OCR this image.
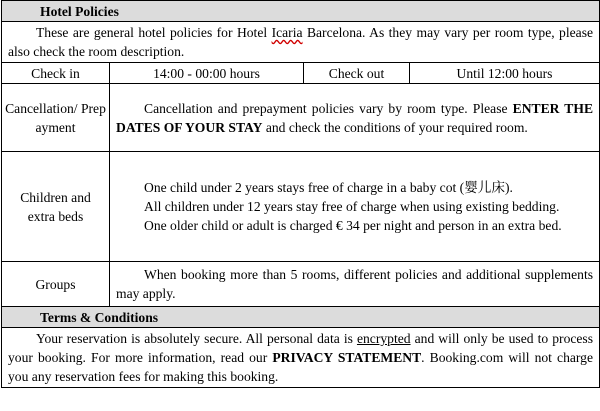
Hotel Policies			
These are general hotel policies for Hotel Icaria Barcelona. As they may vary per room type, please also check the room description.			
Check in	14:00 - 00:00 hours	Check out	Until 12:00 hours
Cancellation/ Prepayment	Cancellation and prepayment policies vary by room type. Please ENTER THE DATES OF YOUR STAY and check the conditions of your required room.		
Children and extra beds	One child under 2 years stays free of charge in a baby cot (婴儿床).
All children under 12 years stay free of charge when using existing bedding.
One older child or adult is charged € 34 per night and person in an extra bed.		

Groups	When booking more than 5 rooms, different policies and additional supplements may apply.		
Terms & Conditions			
Your reservation is absolutely secure. All personal data is encrypted and will only be used to process your booking. For more information, read our PRIVACY STATEMENT. Booking.com will not charge you any reservation fees for making this booking.			
